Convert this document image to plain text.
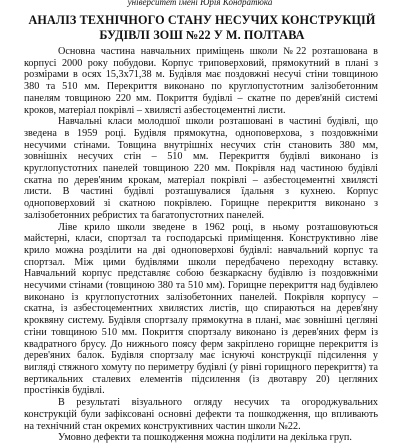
університет імені Юрія Кондратюка
АНАЛІЗ ТЕХНІЧНОГО СТАНУ НЕСУЧИХ КОНСТРУКЦІЙ
БУДІВЛІ ЗОШ №22 У М. ПОЛТАВА

Основна частина навчальних приміщень школи №22 розташована в корпусі 2000 року побудови. Корпус триповерховий, прямокутний в плані з розмірами в осях 15,3х71,38 м. Будівля має поздовжні несучі стіни товщиною 380 та 510 мм. Перекриття виконано по круглопустотним залізобетонним панелям товщиною 220 мм. Покриття будівлі – скатне по дерев'яній системі кроков, матеріал покрівлі – хвилясті азбестоцементні листи.

Навчальні класи молодшої школи розташовані в частині будівлі, що зведена в 1959 році. Будівля прямокутна, одноповерхова, з поздовжніми несучими стінами. Товщина внутрішніх несучих стін становить 380 мм, зовнішніх несучих стін – 510 мм. Перекриття будівлі виконано із круглопустотних панелей товщиною 220 мм. Покрівля над частиною будівлі скатна по дерев'яним крокам, матеріал покрівлі – азбестоцементні хвилясті листи. В частині будівлі розташувалися їдальня з кухнею. Корпус одноповерховий зі скатною покрівлею. Горищне перекриття виконано з залізобетонних ребристих та багатопустотних панелей.

Ліве крило школи зведене в 1962 році, в ньому розташовуються майстерні, класи, спортзал та господарські приміщення. Конструктивно ліве крило можна розділити на дві одноповерхові будівлі: навчальний корпус та спортзал. Між цими будівлями школи передбачено переходну вставку. Навчальний корпус представляє собою безкаркасну будівлю із поздовжніми несучими стінами (товщиною 380 та 510 мм). Горищне перекриття над будівлею виконано із круглопустотних залізобетонних панелей. Покрівля корпусу – скатна, із азбестоцементних хвилястих листів, що спираються на дерев'яну кроквяну систему. Будівля спортзалу прямокутна в плані, має зовнішні цегляні стіни товщиною 510 мм. Покриття спортзалу виконано із дерев'яних ферм із квадратного брусу. До нижнього поясу ферм закріплено горищне перекриття із дерев'яних балок. Будівля спортзалу має існуючі конструкції підсилення у вигляді стяжного хомуту по периметру будівлі (у рівні горищного перекриття) та вертикальних сталевих елементів підсилення (із двотавру 20) цегляних простінків будівлі.

В результаті візуального огляду несучих та огороджувальних конструкцій були зафіксовані основні дефекти та пошкодження, що впливають на технічний стан окремих конструктивних частин школи №22.

Умовно дефекти та пошкодження можна поділити на декілька груп.
